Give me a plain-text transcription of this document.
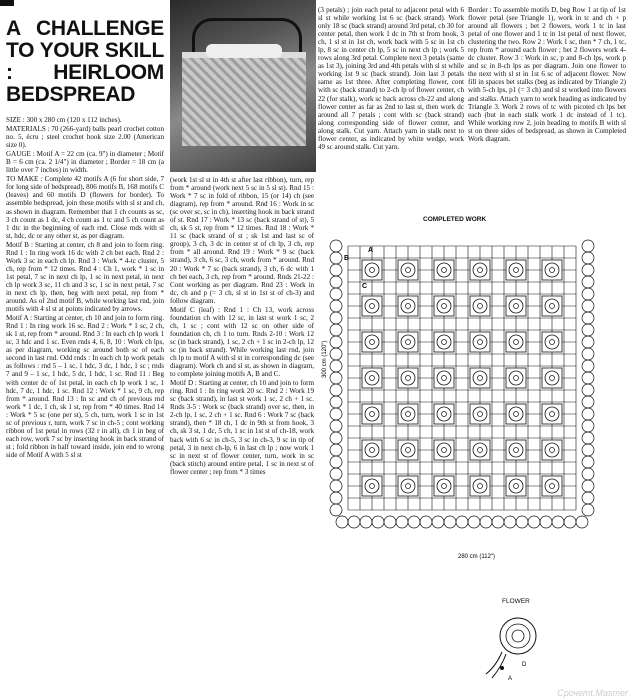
A CHALLENGE TO YOUR SKILL : HEIRLOOM BEDSPREAD

SIZE : 300 x 280 cm (120 x 112 inches).

MATERIALS : 70 (266-yard) balls pearl crochet cotton no. 5, écru ; steel crochet hook size 2.00 (American size 0).

GAUGE : Motif A = 22 cm (ca. 9") in diameter ; Motif B = 6 cm (ca. 2 1/4") in diameter ; Border = 18 cm (a little over 7 inches) in width.

TO MAKE : Complete 42 motifs A (6 for short side, 7 for long side of bedspread), 806 motifs B, 168 motifs C (leaves) and 60 motifs D (flowers for border). To assemble bedspread, join these motifs with sl st and ch, as shown in diagram. Remember that 1 ch counts as sc, 3 ch count as 1 dc, 4 ch count as 1 tc and 5 ch count as 1 dtc in the beginning of each rnd. Close rnds with sl st, hdc, dc or any other st, as per diagram.

Motif B : Starting at center, ch 8 and join to form ring. Rnd 1 : In ring work 16 dc with 2 ch bet each. Rnd 2 : Work 3 sc in each ch lp. Rnd 3 : Work * 4-tc cluster, 5 ch, rep from * 12 times. Rnd 4 : Ch 1, work * 1 sc in 1st petal, 7 sc in next ch lp, 1 sc in next petal, in next ch lp work 3 sc, 11 ch and 3 sc, 1 sc in next petal, 7 sc in next ch lp, then, beg with next petal, rep from * around. As of 2nd motif B, while working last rnd, join motifs with 4 sl st at points indicated by arrows.

Motif A : Starting at center, ch 10 and join to form ring. Rnd 1 : In ring work 16 sc. Rnd 2 : Work * 1 sc, 2 ch, sk 1 st, rep from * around. Rnd 3 : In each ch lp work 1 sc, 3 hdc and 1 sc. Even rnds 4, 6, 8, 10 : Work ch lps, as per diagram, working sc around both sc of each second in last rnd. Odd rnds : In each ch lp work petals as follows : rnd 5 – 1 sc, 1 hdc, 3 dc, 1 hdc, 1 sc ; rnds 7 and 9 – 1 sc, 1 hdc, 5 dc, 1 hdc, 1 sc. Rnd 11 : Beg with center dc of 1st petal, in each ch lp work 1 sc, 1 hdc, 7 dc, 1 hdc, 1 sc. Rnd 12 : Work * 1 sc, 9 ch, rep from * around. Rnd 13 : In sc and ch of previous rnd work * 1 dc, 1 ch, sk 1 st, rep from * 40 times. Rnd 14 : Work * 5 sc (one per st), 5 ch, turn, work 1 sc in 1st sc of previous r, turn, work 7 sc in ch-5 ; cont working ribbon of 1st petal in rows (32 r in all), ch 1 in beg of each row, work 7 sc by inserting hook in back strand of st ; fold ribbon in half toward inside, join end to wrong side of Motif A with 5 sl st

(work 1st sl st in 4th st after last ribbon), turn, rep from * around (work next 5 sc in 5 sl st). Rnd 15 : Work * 7 sc in fold of ribbon, 15 (or 14) ch (see diagram), rep from * around. Rnd 16 : Work in sc (sc over sc, sc in ch), inserting hook in back strand of st. Rnd 17 : Work * 13 sc (back strand of st), 5 ch, sk 5 st, rep from * 12 times. Rnd 18 : Work * 11 sc (back strand of st ; sk 1st and last sc of group), 3 ch, 3 dc in center st of ch lp, 3 ch, rep from * all around. Rnd 19 : Work * 9 sc (back strand), 3 ch, 6 sc, 3 ch, work from * around. Rnd 20 : Work * 7 sc (back strand), 3 ch, 6 dc with 1 ch bet each, 3 ch, rep from * around. Rnds 21-22 : Cont working as per diagram. Rnd 23 : Work in dc, ch and p (= 3 ch, sl st in 1st st of ch-3) and follow diagram.

Motif C (leaf) : Rnd 1 : Ch 13, work across foundation ch with 12 sc, in last st work 1 sc, 2 ch, 1 sc ; cont with 12 sc on other side of foundation ch, ch 1 to turn. Rnds 2-10 : Work 12 sc (in back strand), 1 sc, 2 ch + 1 sc in 2-ch lp, 12 sc (in back strand). While working last rnd, join ch lp to motif A with sl st in corresponding dc (see diagram). Work ch and sl st, as shown in diagram, to complete joining motifs A, B and C.

Motif D : Starting at center, ch 10 and join to form ring. Rnd 1 : In ring work 20 sc. Rnd 2 : Work 19 sc (back strand), in last st work 1 sc, 2 ch + 1 sc. Rnds 3-5 : Work sc (back strand) over sc, then, in 2-ch lp, 1 sc, 2 ch + 1 sc. Rnd 6 : Work 7 sc (back strand), then * 18 ch, 1 dc in 9th st from hook, 3 ch, sk 3 st, 1 dc, 5 ch, 1 sc in 1st st of ch-18, work back with 6 sc in ch-5, 3 sc in ch-3, 9 sc in tip of petal, 3 in next ch-lp, 6 in last ch lp ; now work 1 sc in next st of flower center, turn, work in sc (back stitch) around entire petal, 1 sc in next st of flower center ; rep from * 3 times

(3 petals) ; join each petal to adjacent petal with 6 sl st while working 1st 6 sc (back strand). Work only 18 sc (back strand) around 3rd petal, ch 30 for center petal, then work 1 dc in 7th st from hook, 3 ch, 1 sl st in 1st ch, work back with 5 sc in 1st ch lp, 8 sc in center ch lp, 5 sc in next ch lp ; work 5 rows along 3rd petal. Complete next 3 petals (same as 1st 3), joining 3rd and 4th petals with sl st while working 1st 9 sc (back strand). Join last 3 petals same as 1st three. After completing flower, cont with sc (back strand) to 2-ch lp of flower center, ch 22 (for stalk), work sc back across ch-22 and along flower center as far as 2nd to last st, then work dc around all 7 petals ; cont with sc (back strand) along corresponding side of flower center, and along stalk. Cut yarn. Attach yarn in stalk next to flower center, as indicated by white wedge, work 49 sc around stalk. Cut yarn.

Border : To assemble motifs D, beg Row 1 at tip of 1st flower petal (see Triangle 1), work in tc and ch + p around all flowers ; bet 2 flowers, work 1 tc in last petal of one flower and 1 tc in 1st petal of next flower, clustering the two. Row 2 : Work 1 sc, then * 7 ch, 1 tc, rep from * around each flower ; bet 2 flowers work 4-dc cluster. Row 3 : Work in sc, p and 8-ch lps, work p and sc in 8-ch lps as per diagram. Join one flower to the next with sl st in 1st 6 sc of adjacent flower. Now fill in spaces bet stalks (beg as indicated by Triangle 2) with 5-ch lps, p1 (= 3 ch) and sl st worked into flowers and stalks. Attach yarn to work heading as indicated by Triangle 3. Work 2 rows of tc with picoted ch lps bet each (but in each stalk work 1 dc instead of 1 tc). While working row 2, join heading to motifs B with sl st on three sides of bedspread, as shown in Completed Work diagram.

COMPLETED WORK
300 cm (120")
280 cm (112")
B
A
C
FLOWER
D
A
Cрочетt.Маsтеr
